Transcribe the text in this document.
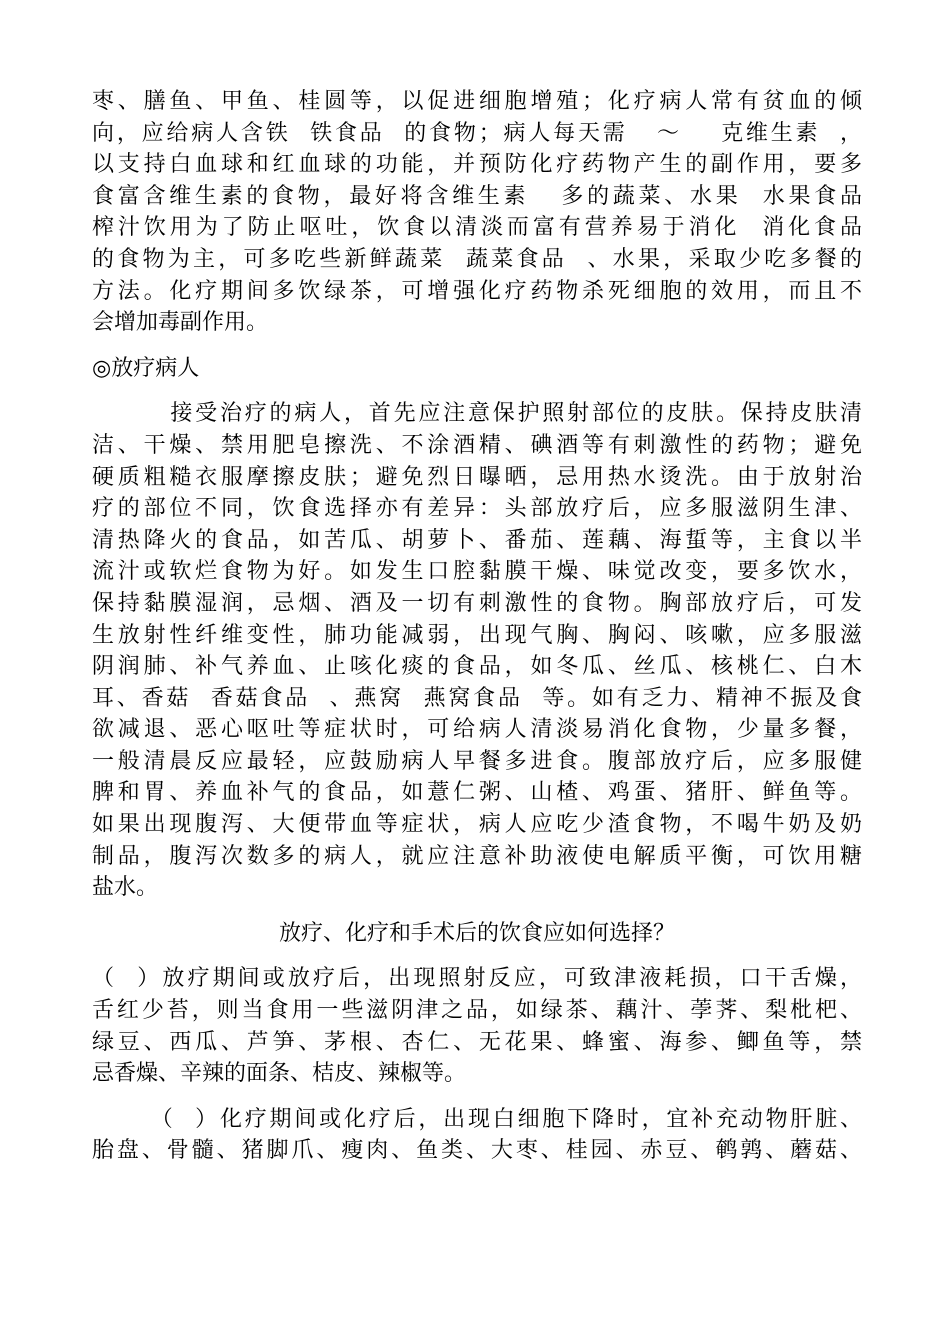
枣、膳鱼、甲鱼、桂圆等，以促进细胞增殖；化疗病人常有贫血的倾
向，应给病人含铁  铁食品  的食物；病人每天需   ～    克维生素  ，
以支持白血球和红血球的功能，并预防化疗药物产生的副作用，要多
食富含维生素的食物，最好将含维生素   多的蔬菜、水果  水果食品
榨汁饮用为了防止呕吐，饮食以清淡而富有营养易于消化  消化食品
的食物为主，可多吃些新鲜蔬菜  蔬菜食品  、水果，采取少吃多餐的
方法。化疗期间多饮绿茶，可增强化疗药物杀死细胞的效用，而且不
会增加毒副作用。
◎放疗病人
接受治疗的病人，首先应注意保护照射部位的皮肤。保持皮肤清
洁、干燥、禁用肥皂擦洗、不涂酒精、碘酒等有刺激性的药物；避免
硬质粗糙衣服摩擦皮肤；避免烈日曝晒，忌用热水烫洗。由于放射治
疗的部位不同，饮食选择亦有差异：头部放疗后，应多服滋阴生津、
清热降火的食品，如苦瓜、胡萝卜、番茄、莲藕、海蜇等，主食以半
流汁或软烂食物为好。如发生口腔黏膜干燥、味觉改变，要多饮水，
保持黏膜湿润，忌烟、酒及一切有刺激性的食物。胸部放疗后，可发
生放射性纤维变性，肺功能减弱，出现气胸、胸闷、咳嗽，应多服滋
阴润肺、补气养血、止咳化痰的食品，如冬瓜、丝瓜、核桃仁、白木
耳、香菇  香菇食品  、燕窝  燕窝食品  等。如有乏力、精神不振及食
欲减退、恶心呕吐等症状时，可给病人清淡易消化食物，少量多餐，
一般清晨反应最轻，应鼓励病人早餐多进食。腹部放疗后，应多服健
脾和胃、养血补气的食品，如薏仁粥、山楂、鸡蛋、猪肝、鲜鱼等。
如果出现腹泻、大便带血等症状，病人应吃少渣食物，不喝牛奶及奶
制品，腹泻次数多的病人，就应注意补助液使电解质平衡，可饮用糖
盐水。
放疗、化疗和手术后的饮食应如何选择？
（  ）放疗期间或放疗后，出现照射反应，可致津液耗损，口干舌燥，
舌红少苔，则当食用一些滋阴津之品，如绿茶、藕汁、荸荠、梨枇杷、
绿豆、西瓜、芦笋、茅根、杏仁、无花果、蜂蜜、海参、鲫鱼等，禁
忌香燥、辛辣的面条、桔皮、辣椒等。
（  ）化疗期间或化疗后，出现白细胞下降时，宜补充动物肝脏、
胎盘、骨髓、猪脚爪、瘦肉、鱼类、大枣、桂园、赤豆、鹌鹑、蘑菇、
